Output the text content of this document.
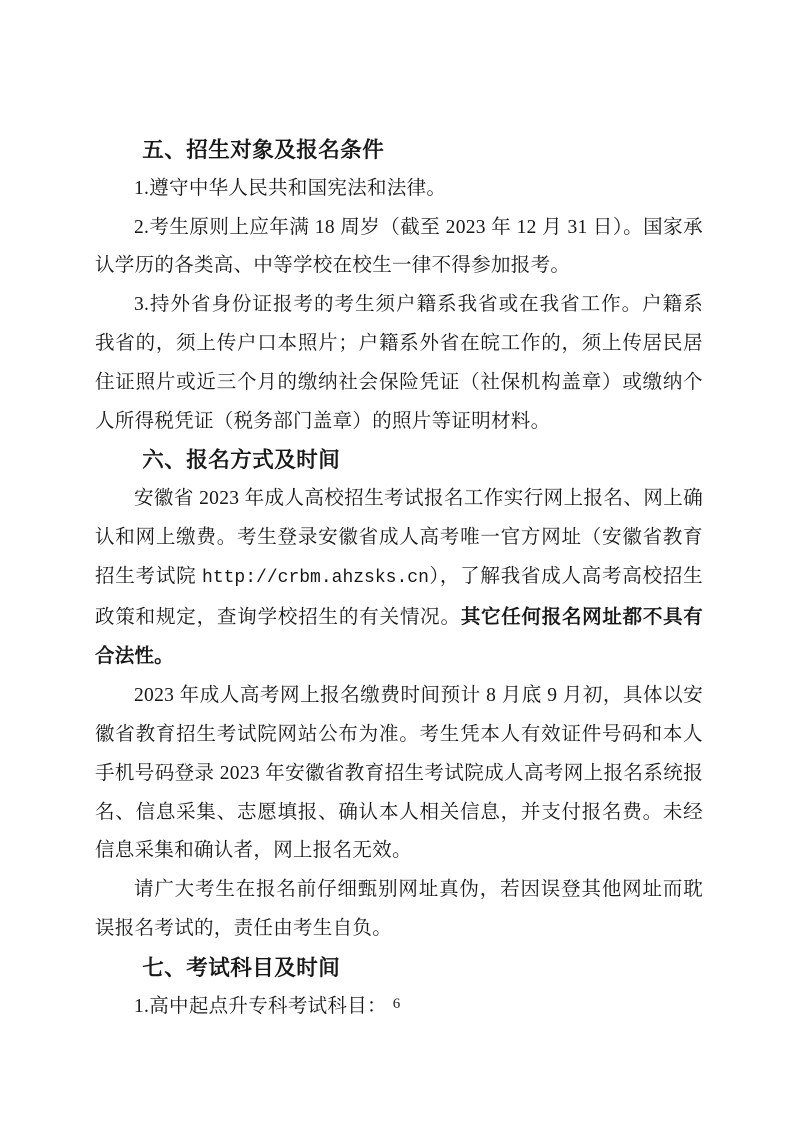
五、招生对象及报名条件

1.遵守中华人民共和国宪法和法律。

2.考生原则上应年满 18 周岁（截至 2023 年 12 月 31 日）。国家承认学历的各类高、中等学校在校生一律不得参加报考。

3.持外省身份证报考的考生须户籍系我省或在我省工作。户籍系我省的，须上传户口本照片；户籍系外省在皖工作的，须上传居民居住证照片或近三个月的缴纳社会保险凭证（社保机构盖章）或缴纳个人所得税凭证（税务部门盖章）的照片等证明材料。

六、报名方式及时间

安徽省 2023 年成人高校招生考试报名工作实行网上报名、网上确认和网上缴费。考生登录安徽省成人高考唯一官方网址（安徽省教育招生考试院 http://crbm.ahzsks.cn），了解我省成人高考高校招生政策和规定，查询学校招生的有关情况。其它任何报名网址都不具有合法性。

2023 年成人高考网上报名缴费时间预计 8 月底 9 月初，具体以安徽省教育招生考试院网站公布为准。考生凭本人有效证件号码和本人手机号码登录 2023 年安徽省教育招生考试院成人高考网上报名系统报名、信息采集、志愿填报、确认本人相关信息，并支付报名费。未经信息采集和确认者，网上报名无效。

请广大考生在报名前仔细甄别网址真伪，若因误登其他网址而耽误报名考试的，责任由考生自负。

七、考试科目及时间

1.高中起点升专科考试科目： 6
